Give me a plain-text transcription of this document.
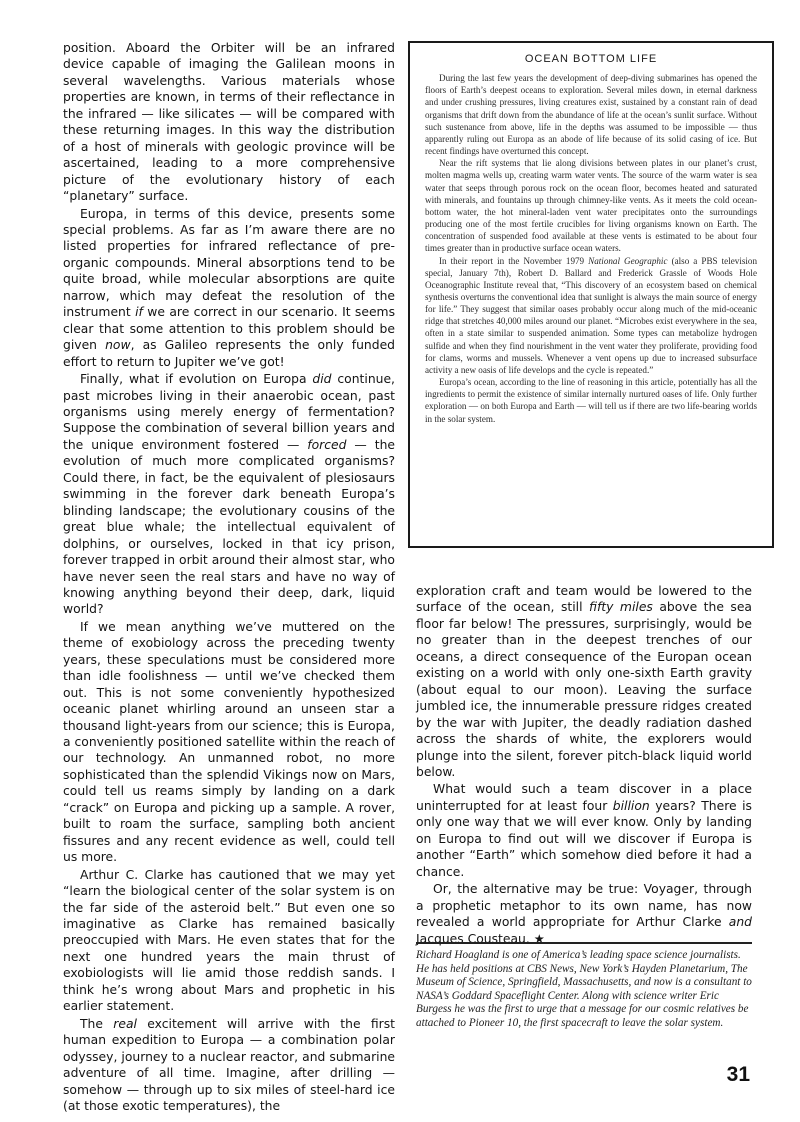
position. Aboard the Orbiter will be an infrared device capable of imaging the Galilean moons in several wavelengths. Various materials whose properties are known, in terms of their reflectance in the infrared — like silicates — will be compared with these returning images. In this way the distribution of a host of minerals with geologic province will be ascertained, leading to a more comprehensive picture of the evolutionary history of each “planetary” surface.

Europa, in terms of this device, presents some special problems. As far as I’m aware there are no listed properties for infrared reflectance of pre-organic compounds. Mineral absorptions tend to be quite broad, while molecular absorptions are quite narrow, which may defeat the resolution of the instrument if we are correct in our scenario. It seems clear that some attention to this problem should be given now, as Galileo represents the only funded effort to return to Jupiter we’ve got!

Finally, what if evolution on Europa did continue, past microbes living in their anaerobic ocean, past organisms using merely energy of fermentation? Suppose the combination of several billion years and the unique environment fostered — forced — the evolution of much more complicated organisms? Could there, in fact, be the equivalent of plesiosaurs swimming in the forever dark beneath Europa’s blinding landscape; the evolutionary cousins of the great blue whale; the intellectual equivalent of dolphins, or ourselves, locked in that icy prison, forever trapped in orbit around their almost star, who have never seen the real stars and have no way of knowing anything beyond their deep, dark, liquid world?

If we mean anything we’ve muttered on the theme of exobiology across the preceding twenty years, these speculations must be considered more than idle foolishness — until we’ve checked them out. This is not some conveniently hypothesized oceanic planet whirling around an unseen star a thousand light-years from our science; this is Europa, a conveniently positioned satellite within the reach of our technology. An unmanned robot, no more sophisticated than the splendid Vikings now on Mars, could tell us reams simply by landing on a dark “crack” on Europa and picking up a sample. A rover, built to roam the surface, sampling both ancient fissures and any recent evidence as well, could tell us more.

Arthur C. Clarke has cautioned that we may yet “learn the biological center of the solar system is on the far side of the asteroid belt.” But even one so imaginative as Clarke has remained basically preoccupied with Mars. He even states that for the next one hundred years the main thrust of exobiologists will lie amid those reddish sands. I think he’s wrong about Mars and prophetic in his earlier statement.

The real excitement will arrive with the first human expedition to Europa — a combination polar odyssey, journey to a nuclear reactor, and submarine adventure of all time. Imagine, after drilling — somehow — through up to six miles of steel-hard ice (at those exotic temperatures), the

OCEAN BOTTOM LIFE

During the last few years the development of deep-diving submarines has opened the floors of Earth’s deepest oceans to exploration. Several miles down, in eternal darkness and under crushing pressures, living creatures exist, sustained by a constant rain of dead organisms that drift down from the abundance of life at the ocean’s sunlit surface. Without such sustenance from above, life in the depths was assumed to be impossible — thus apparently ruling out Europa as an abode of life because of its solid casing of ice. But recent findings have overturned this concept.

Near the rift systems that lie along divisions between plates in our planet’s crust, molten magma wells up, creating warm water vents. The source of the warm water is sea water that seeps through porous rock on the ocean floor, becomes heated and saturated with minerals, and fountains up through chimney-like vents. As it meets the cold ocean-bottom water, the hot mineral-laden vent water precipitates onto the surroundings producing one of the most fertile crucibles for living organisms known on Earth. The concentration of suspended food available at these vents is estimated to be about four times greater than in productive surface ocean waters.

In their report in the November 1979 National Geographic (also a PBS television special, January 7th), Robert D. Ballard and Frederick Grassle of Woods Hole Oceanographic Institute reveal that, “This discovery of an ecosystem based on chemical synthesis overturns the conventional idea that sunlight is always the main source of energy for life.” They suggest that similar oases probably occur along much of the mid-oceanic ridge that stretches 40,000 miles around our planet. “Microbes exist everywhere in the sea, often in a state similar to suspended animation. Some types can metabolize hydrogen sulfide and when they find nourishment in the vent water they proliferate, providing food for clams, worms and mussels. Whenever a vent opens up due to increased subsurface activity a new oasis of life develops and the cycle is repeated.”

Europa’s ocean, according to the line of reasoning in this article, potentially has all the ingredients to permit the existence of similar internally nurtured oases of life. Only further exploration — on both Europa and Earth — will tell us if there are two life-bearing worlds in the solar system.

exploration craft and team would be lowered to the surface of the ocean, still fifty miles above the sea floor far below! The pressures, surprisingly, would be no greater than in the deepest trenches of our oceans, a direct consequence of the Europan ocean existing on a world with only one-sixth Earth gravity (about equal to our moon). Leaving the surface jumbled ice, the innumerable pressure ridges created by the war with Jupiter, the deadly radiation dashed across the shards of white, the explorers would plunge into the silent, forever pitch-black liquid world below.

What would such a team discover in a place uninterrupted for at least four billion years? There is only one way that we will ever know. Only by landing on Europa to find out will we discover if Europa is another “Earth” which somehow died before it had a chance.

Or, the alternative may be true: Voyager, through a prophetic metaphor to its own name, has now revealed a world appropriate for Arthur Clarke and Jacques Cousteau. ★

Richard Hoagland is one of America’s leading space science journalists. He has held positions at CBS News, New York’s Hayden Planetarium, The Museum of Science, Springfield, Massachusetts, and now is a consultant to NASA’s Goddard Spaceflight Center. Along with science writer Eric Burgess he was the first to urge that a message for our cosmic relatives be attached to Pioneer 10, the first spacecraft to leave the solar system.

31
